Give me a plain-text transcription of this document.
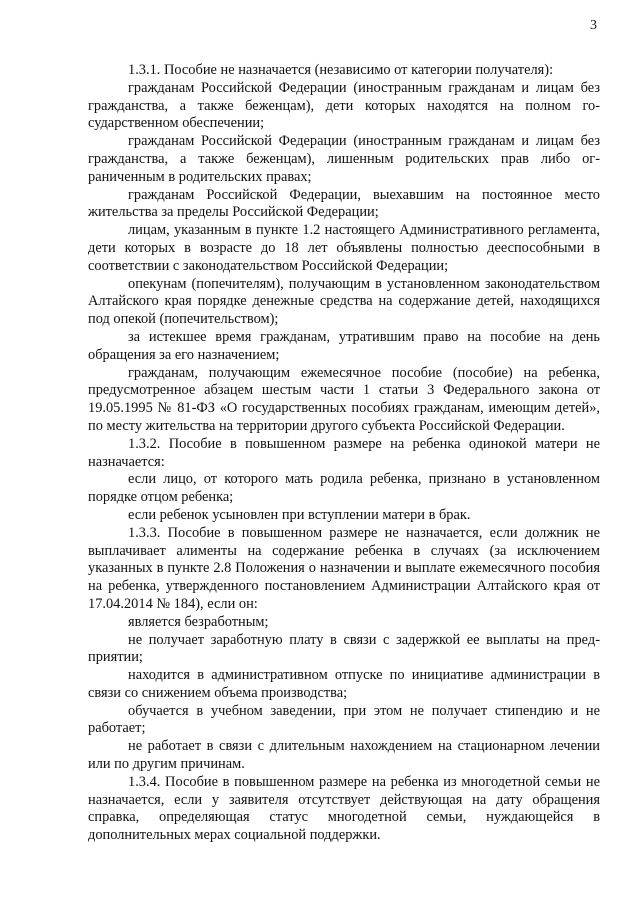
3

1.3.1. Пособие не назначается (независимо от категории получателя):

гражданам Российской Федерации (иностранным гражданам и лицам без гражданства, а также беженцам), дети которых находятся на полном государственном обеспечении;

гражданам Российской Федерации (иностранным гражданам и лицам без гражданства, а также беженцам), лишенным родительских прав либо ограниченным в родительских правах;

гражданам Российской Федерации, выехавшим на постоянное место жительства за пределы Российской Федерации;

лицам, указанным в пункте 1.2 настоящего Административного регламента, дети которых в возрасте до 18 лет объявлены полностью дееспособными в соответствии с законодательством Российской Федерации;

опекунам (попечителям), получающим в установленном законодательством Алтайского края порядке денежные средства на содержание детей, находящихся под опекой (попечительством);

за истекшее время гражданам, утратившим право на пособие на день обращения за его назначением;

гражданам, получающим ежемесячное пособие (пособие) на ребенка, предусмотренное абзацем шестым части 1 статьи 3 Федерального закона от 19.05.1995 № 81-ФЗ «О государственных пособиях гражданам, имеющим детей», по месту жительства на территории другого субъекта Российской Федерации.

1.3.2. Пособие в повышенном размере на ребенка одинокой матери не назначается:

если лицо, от которого мать родила ребенка, признано в установленном порядке отцом ребенка;

если ребенок усыновлен при вступлении матери в брак.

1.3.3. Пособие в повышенном размере не назначается, если должник не выплачивает алименты на содержание ребенка в случаях (за исключением указанных в пункте 2.8 Положения о назначении и выплате ежемесячного пособия на ребенка, утвержденного постановлением Администрации Алтайского края от 17.04.2014 № 184), если он:

является безработным;

не получает заработную плату в связи с задержкой ее выплаты на предприятии;

находится в административном отпуске по инициативе администрации в связи со снижением объема производства;

обучается в учебном заведении, при этом не получает стипендию и не работает;

не работает в связи с длительным нахождением на стационарном лечении или по другим причинам.

1.3.4. Пособие в повышенном размере на ребенка из многодетной семьи не назначается, если у заявителя отсутствует действующая на дату обращения справка, определяющая статус многодетной семьи, нуждающейся в дополнительных мерах социальной поддержки.
